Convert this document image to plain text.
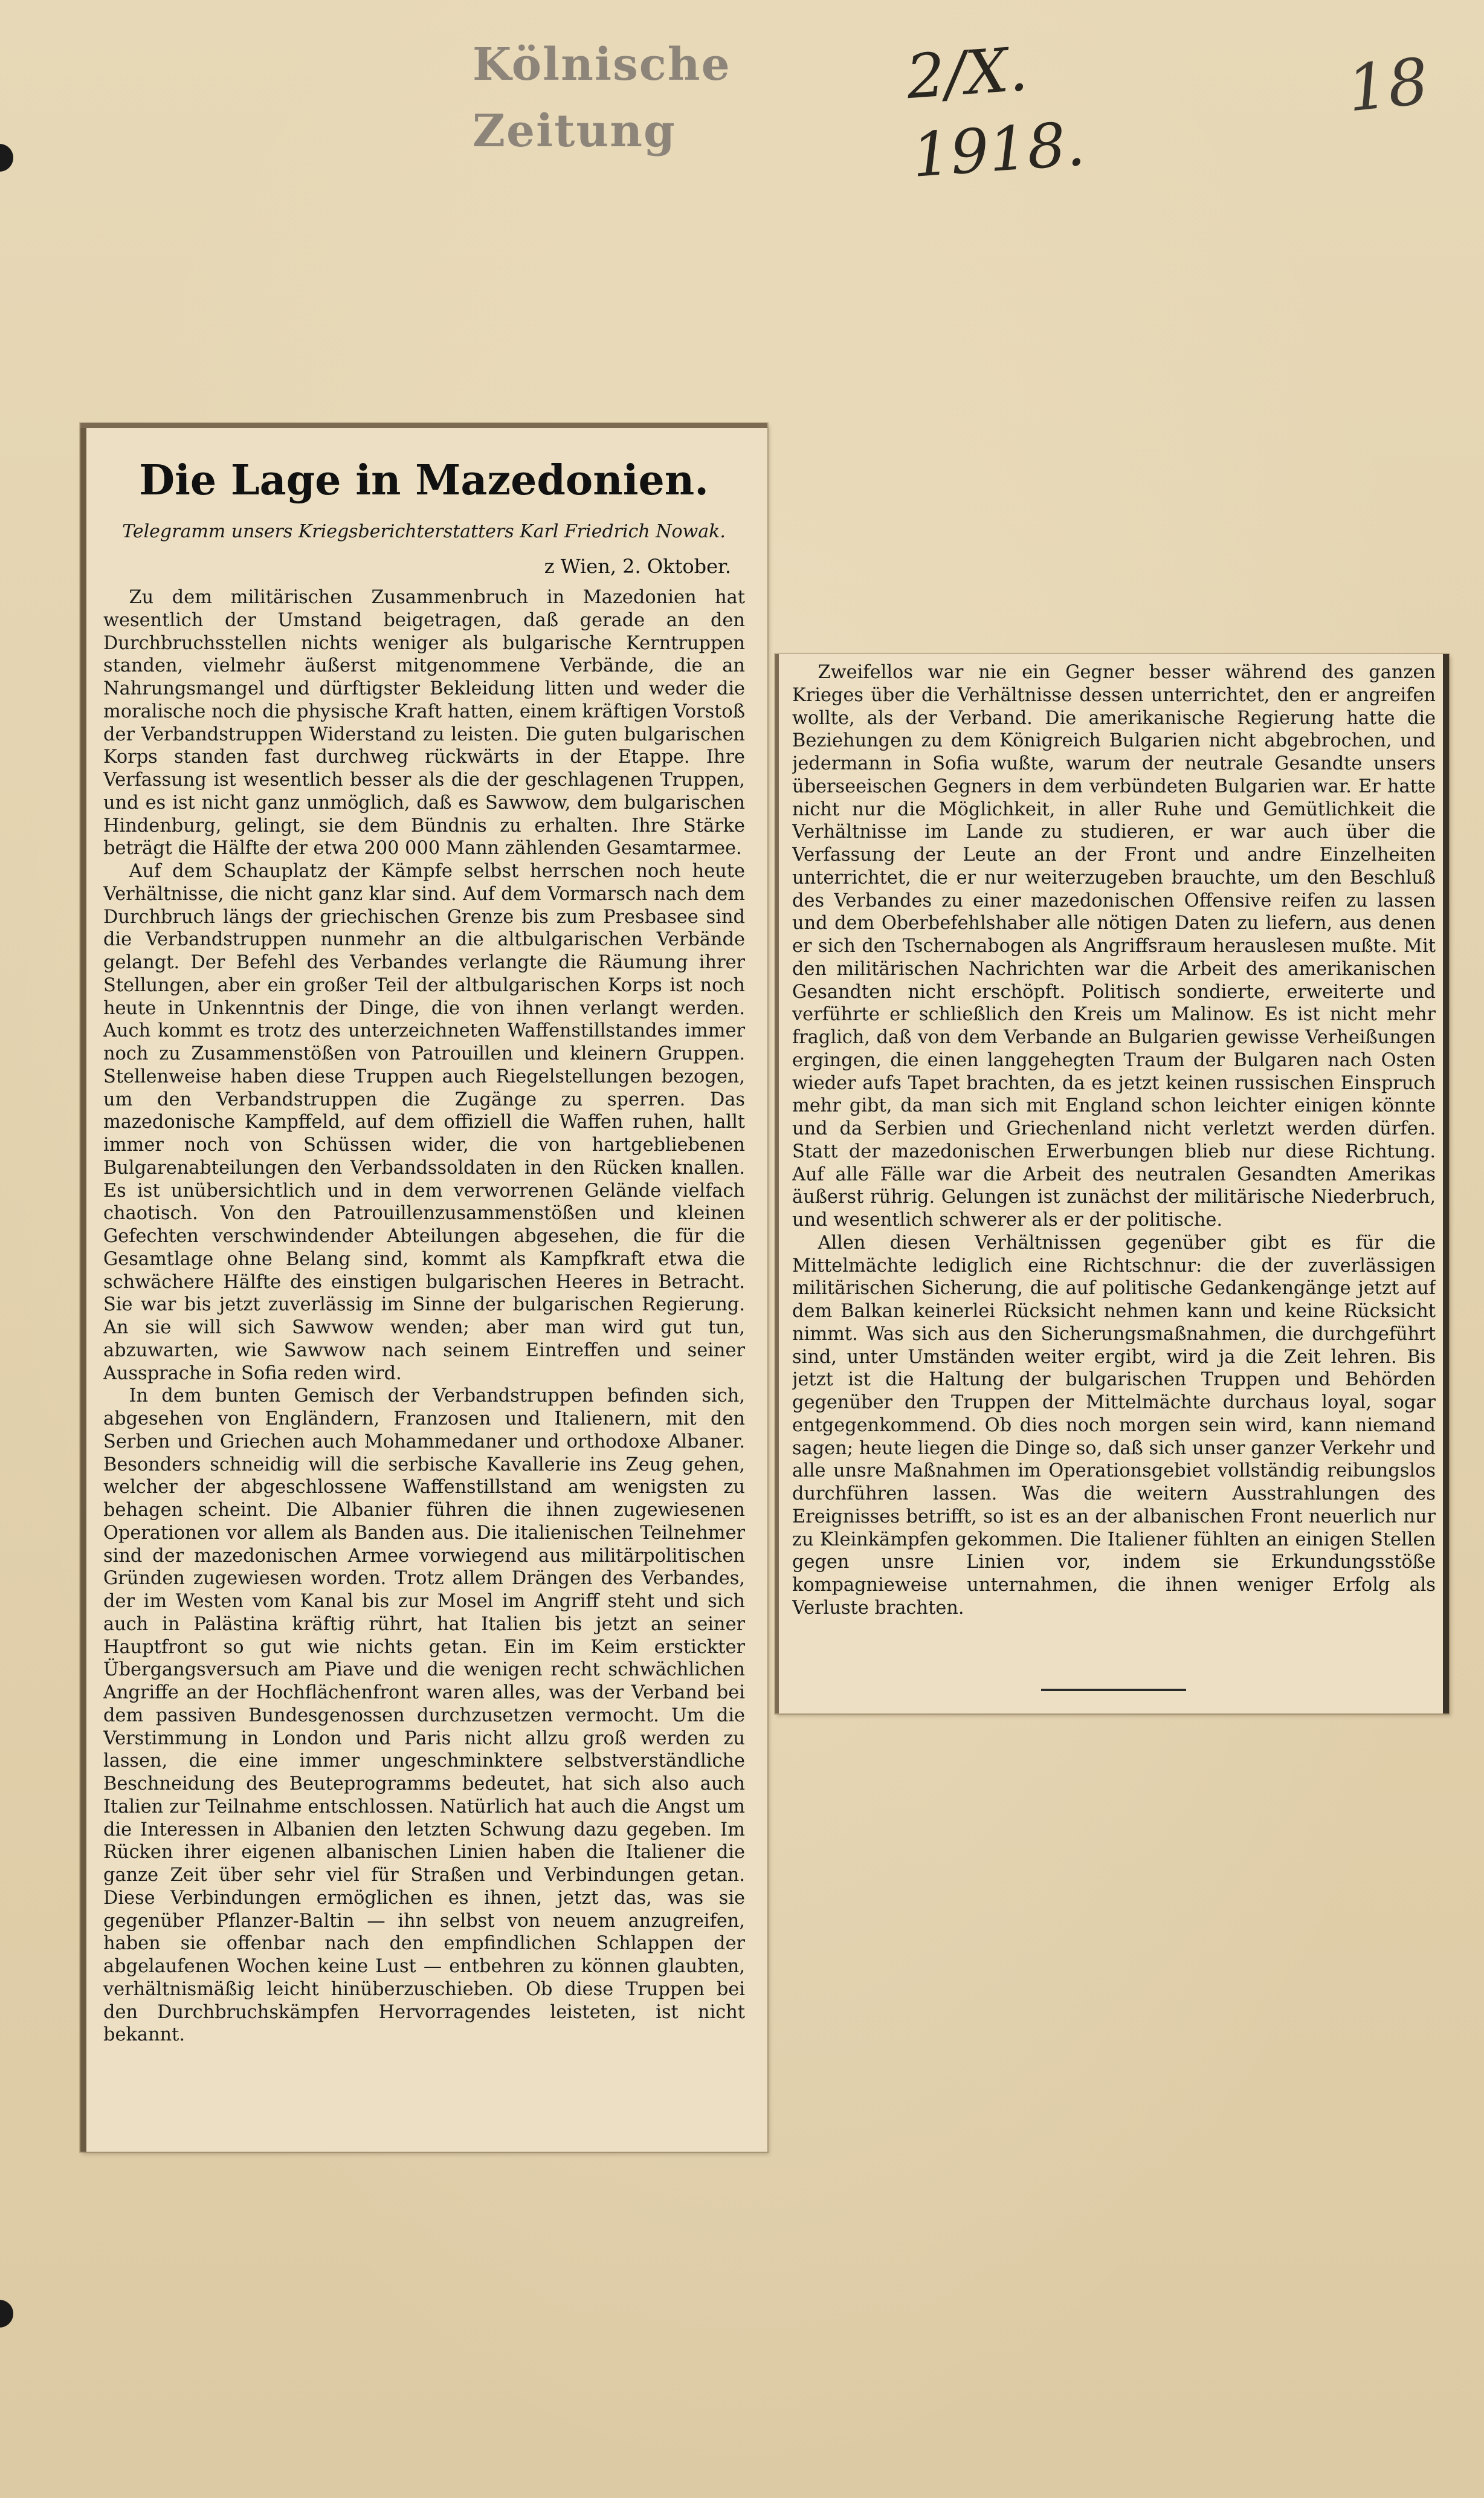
Kölnische Zeitung
2/X. 1918.
18
Die Lage in Mazedonien.
Telegramm unsers Kriegsberichterstatters Karl Friedrich Nowak.
z Wien, 2. Oktober.

Zu dem militärischen Zusammenbruch in Mazedonien hat wesentlich der Umstand beigetragen, daß gerade an den Durchbruchsstellen nichts weniger als bulgarische Kerntruppen standen, vielmehr äußerst mitgenommene Verbände, die an Nahrungsmangel und dürftigster Bekleidung litten und weder die moralische noch die physische Kraft hatten, einem kräftigen Vorstoß der Verbandstruppen Widerstand zu leisten. Die guten bulgarischen Korps standen fast durchweg rückwärts in der Etappe. Ihre Verfassung ist wesentlich besser als die der geschlagenen Truppen, und es ist nicht ganz unmöglich, daß es Sawwow, dem bulgarischen Hindenburg, gelingt, sie dem Bündnis zu erhalten. Ihre Stärke beträgt die Hälfte der etwa 200 000 Mann zählenden Gesamtarmee.

Auf dem Schauplatz der Kämpfe selbst herrschen noch heute Verhältnisse, die nicht ganz klar sind. Auf dem Vormarsch nach dem Durchbruch längs der griechischen Grenze bis zum Presbasee sind die Verbandstruppen nunmehr an die altbulgarischen Verbände gelangt. Der Befehl des Verbandes verlangte die Räumung ihrer Stellungen, aber ein großer Teil der altbulgarischen Korps ist noch heute in Unkenntnis der Dinge, die von ihnen verlangt werden. Auch kommt es trotz des unterzeichneten Waffenstillstandes immer noch zu Zusammenstößen von Patrouillen und kleinern Gruppen. Stellenweise haben diese Truppen auch Riegelstellungen bezogen, um den Verbandstruppen die Zugänge zu sperren. Das mazedonische Kampffeld, auf dem offiziell die Waffen ruhen, hallt immer noch von Schüssen wider, die von hartgebliebenen Bulgarenabteilungen den Verbandssoldaten in den Rücken knallen. Es ist unübersichtlich und in dem verworrenen Gelände vielfach chaotisch. Von den Patrouillenzusammenstößen und kleinen Gefechten verschwindender Abteilungen abgesehen, die für die Gesamtlage ohne Belang sind, kommt als Kampfkraft etwa die schwächere Hälfte des einstigen bulgarischen Heeres in Betracht. Sie war bis jetzt zuverlässig im Sinne der bulgarischen Regierung. An sie will sich Sawwow wenden; aber man wird gut tun, abzuwarten, wie Sawwow nach seinem Eintreffen und seiner Aussprache in Sofia reden wird.

In dem bunten Gemisch der Verbandstruppen befinden sich, abgesehen von Engländern, Franzosen und Italienern, mit den Serben und Griechen auch Mohammedaner und orthodoxe Albaner. Besonders schneidig will die serbische Kavallerie ins Zeug gehen, welcher der abgeschlossene Waffenstillstand am wenigsten zu behagen scheint. Die Albanier führen die ihnen zugewiesenen Operationen vor allem als Banden aus. Die italienischen Teilnehmer sind der mazedonischen Armee vorwiegend aus militärpolitischen Gründen zugewiesen worden. Trotz allem Drängen des Verbandes, der im Westen vom Kanal bis zur Mosel im Angriff steht und sich auch in Palästina kräftig rührt, hat Italien bis jetzt an seiner Hauptfront so gut wie nichts getan. Ein im Keim erstickter Übergangsversuch am Piave und die wenigen recht schwächlichen Angriffe an der Hochflächenfront waren alles, was der Verband bei dem passiven Bundesgenossen durchzusetzen vermocht. Um die Verstimmung in London und Paris nicht allzu groß werden zu lassen, die eine immer ungeschminktere selbstverständliche Beschneidung des Beuteprogramms bedeutet, hat sich also auch Italien zur Teilnahme entschlossen. Natürlich hat auch die Angst um die Interessen in Albanien den letzten Schwung dazu gegeben. Im Rücken ihrer eigenen albanischen Linien haben die Italiener die ganze Zeit über sehr viel für Straßen und Verbindungen getan. Diese Verbindungen ermöglichen es ihnen, jetzt das, was sie gegenüber Pflanzer-Baltin — ihn selbst von neuem anzugreifen, haben sie offenbar nach den empfindlichen Schlappen der abgelaufenen Wochen keine Lust — entbehren zu können glaubten, verhältnismäßig leicht hinüberzuschieben. Ob diese Truppen bei den Durchbruchskämpfen Hervorragendes leisteten, ist nicht bekannt.

Zweifellos war nie ein Gegner besser während des ganzen Krieges über die Verhältnisse dessen unterrichtet, den er angreifen wollte, als der Verband. Die amerikanische Regierung hatte die Beziehungen zu dem Königreich Bulgarien nicht abgebrochen, und jedermann in Sofia wußte, warum der neutrale Gesandte unsers überseeischen Gegners in dem verbündeten Bulgarien war. Er hatte nicht nur die Möglichkeit, in aller Ruhe und Gemütlichkeit die Verhältnisse im Lande zu studieren, er war auch über die Verfassung der Leute an der Front und andre Einzelheiten unterrichtet, die er nur weiterzugeben brauchte, um den Beschluß des Verbandes zu einer mazedonischen Offensive reifen zu lassen und dem Oberbefehlshaber alle nötigen Daten zu liefern, aus denen er sich den Tschernabogen als Angriffsraum herauslesen mußte. Mit den militärischen Nachrichten war die Arbeit des amerikanischen Gesandten nicht erschöpft. Politisch sondierte, erweiterte und verführte er schließlich den Kreis um Malinow. Es ist nicht mehr fraglich, daß von dem Verbande an Bulgarien gewisse Verheißungen ergingen, die einen langgehegten Traum der Bulgaren nach Osten wieder aufs Tapet brachten, da es jetzt keinen russischen Einspruch mehr gibt, da man sich mit England schon leichter einigen könnte und da Serbien und Griechenland nicht verletzt werden dürfen. Statt der mazedonischen Erwerbungen blieb nur diese Richtung. Auf alle Fälle war die Arbeit des neutralen Gesandten Amerikas äußerst rührig. Gelungen ist zunächst der militärische Niederbruch, und wesentlich schwerer als er der politische.

Allen diesen Verhältnissen gegenüber gibt es für die Mittelmächte lediglich eine Richtschnur: die der zuverlässigen militärischen Sicherung, die auf politische Gedankengänge jetzt auf dem Balkan keinerlei Rücksicht nehmen kann und keine Rücksicht nimmt. Was sich aus den Sicherungsmaßnahmen, die durchgeführt sind, unter Umständen weiter ergibt, wird ja die Zeit lehren. Bis jetzt ist die Haltung der bulgarischen Truppen und Behörden gegenüber den Truppen der Mittelmächte durchaus loyal, sogar entgegenkommend. Ob dies noch morgen sein wird, kann niemand sagen; heute liegen die Dinge so, daß sich unser ganzer Verkehr und alle unsre Maßnahmen im Operationsgebiet vollständig reibungslos durchführen lassen. Was die weitern Ausstrahlungen des Ereignisses betrifft, so ist es an der albanischen Front neuerlich nur zu Kleinkämpfen gekommen. Die Italiener fühlten an einigen Stellen gegen unsre Linien vor, indem sie Erkundungsstöße kompagnieweise unternahmen, die ihnen weniger Erfolg als Verluste brachten.
